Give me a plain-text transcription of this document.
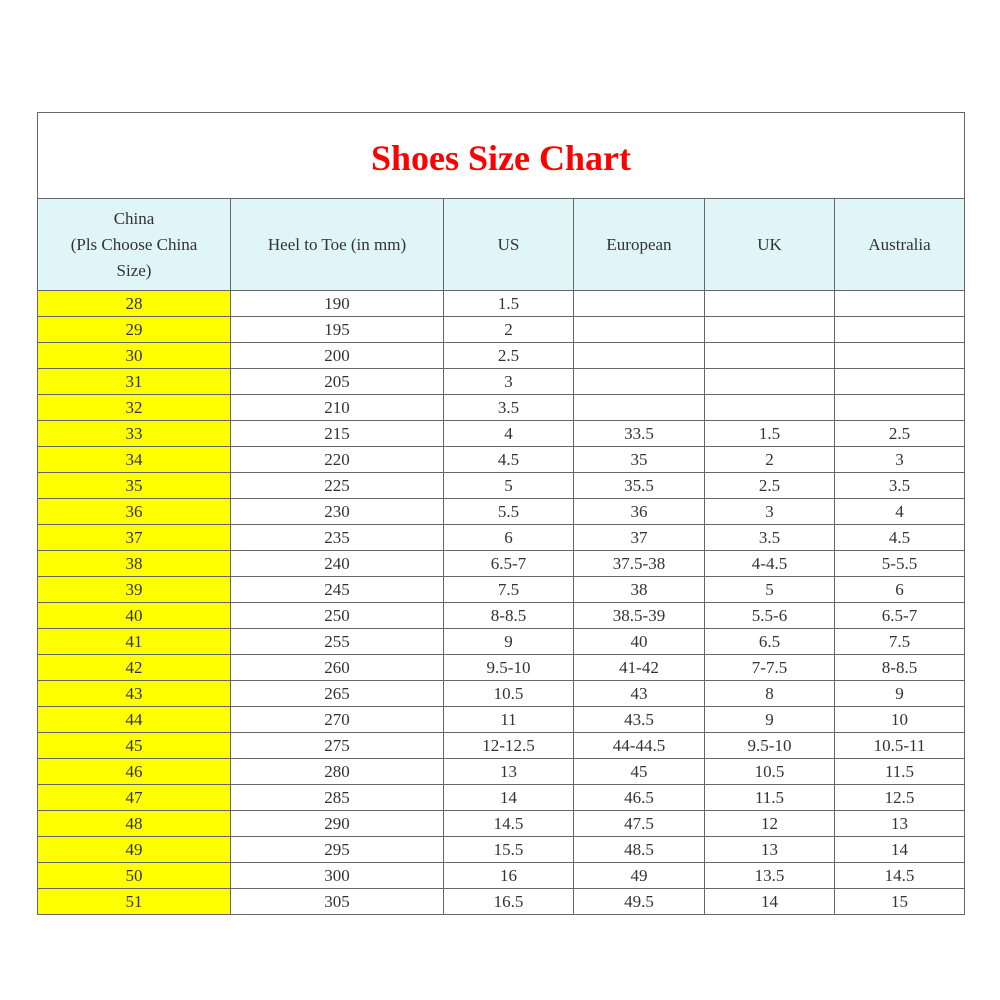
Shoes Size Chart					
China
(Pls Choose China
Size)	Heel to Toe (in mm)	US	European	UK	Australia
28	190	1.5			
29	195	2			
30	200	2.5			
31	205	3			
32	210	3.5			
33	215	4	33.5	1.5	2.5
34	220	4.5	35	2	3
35	225	5	35.5	2.5	3.5
36	230	5.5	36	3	4
37	235	6	37	3.5	4.5
38	240	6.5-7	37.5-38	4-4.5	5-5.5
39	245	7.5	38	5	6
40	250	8-8.5	38.5-39	5.5-6	6.5-7
41	255	9	40	6.5	7.5
42	260	9.5-10	41-42	7-7.5	8-8.5
43	265	10.5	43	8	9
44	270	11	43.5	9	10
45	275	12-12.5	44-44.5	9.5-10	10.5-11
46	280	13	45	10.5	11.5
47	285	14	46.5	11.5	12.5
48	290	14.5	47.5	12	13
49	295	15.5	48.5	13	14
50	300	16	49	13.5	14.5
51	305	16.5	49.5	14	15
